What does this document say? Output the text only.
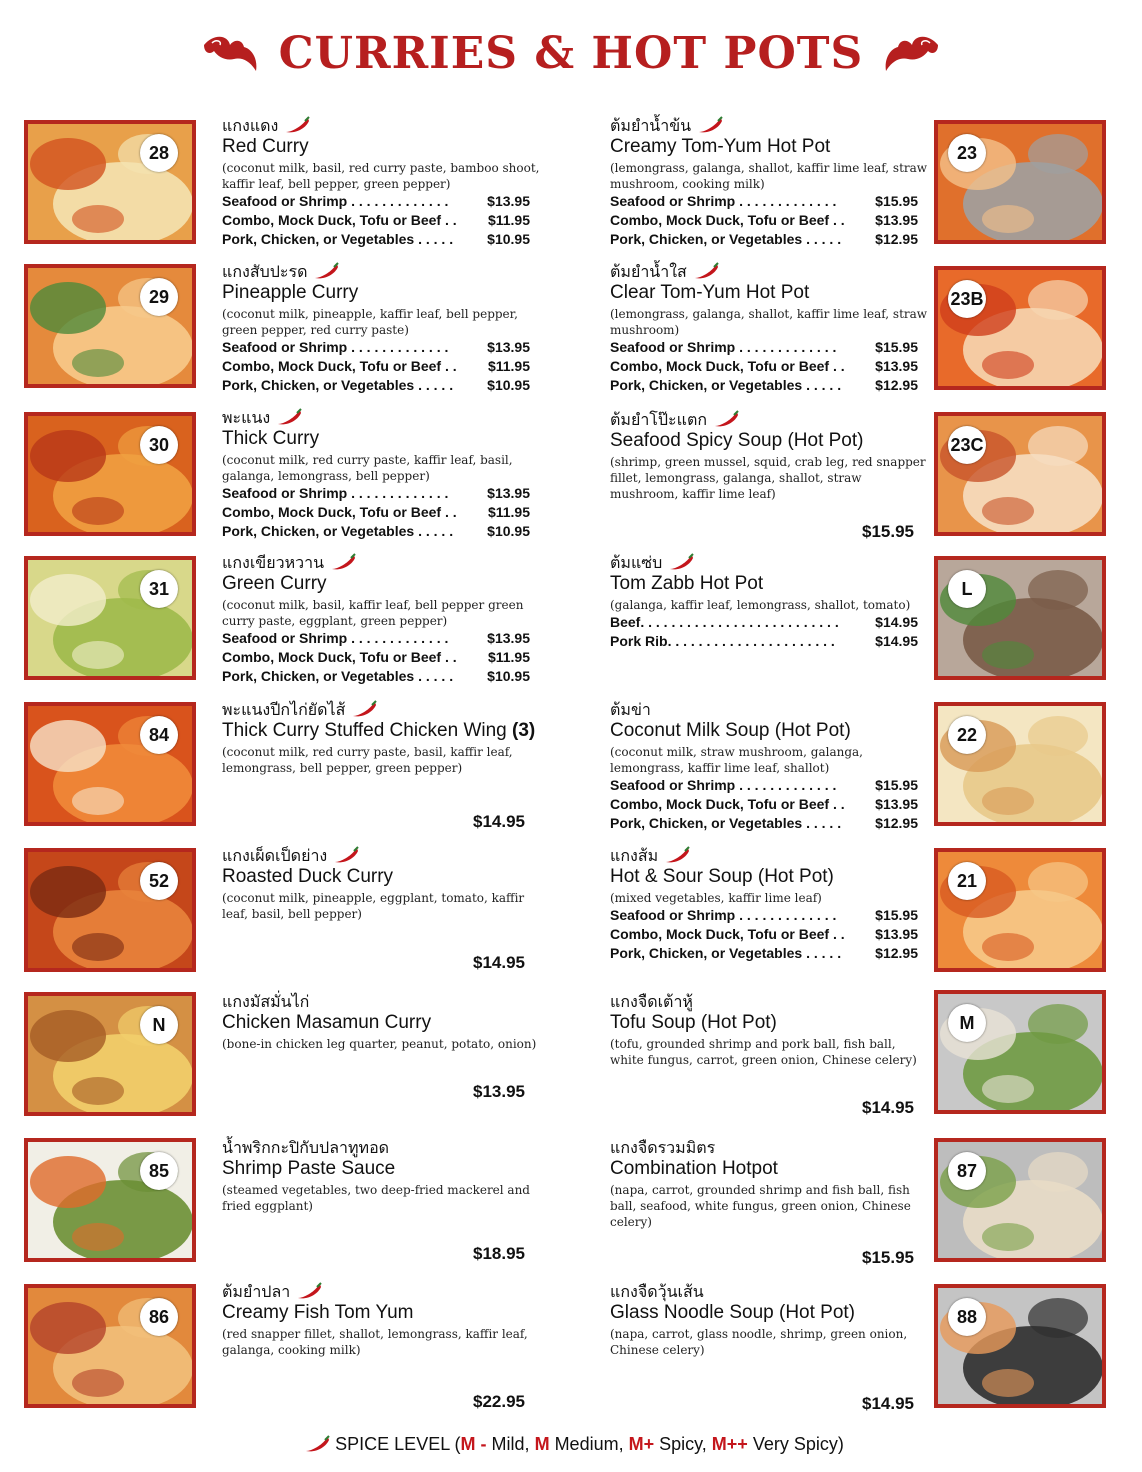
CURRIES & HOT POTS
แกงแดง
Red Curry
(coconut milk, basil, red curry paste, bamboo shoot, kaffir leaf, bell pepper, green pepper)
Seafood or Shrimp . . . . . . . . . . . . .	$13.95
Combo, Mock Duck, Tofu or Beef . . $11.95
Pork, Chicken, or Vegetables . . . . . $10.95
28
แกงสับปะรด
Pineapple Curry
(coconut milk, pineapple, kaffir leaf, bell pepper, green pepper, red curry paste)
Seafood or Shrimp . . . . . . . . . . . . .	$13.95
Combo, Mock Duck, Tofu or Beef . . $11.95
Pork, Chicken, or Vegetables . . . . . $10.95
29
พะแนง
Thick Curry
(coconut milk, red curry paste, kaffir leaf, basil, galanga, lemongrass, bell pepper)
Seafood or Shrimp . . . . . . . . . . . . .	$13.95
Combo, Mock Duck, Tofu or Beef . . $11.95
Pork, Chicken, or Vegetables . . . . . $10.95
30
แกงเขียวหวาน
Green Curry
(coconut milk, basil, kaffir leaf, bell pepper green curry paste, eggplant, green pepper)
Seafood or Shrimp . . . . . . . . . . . . .	$13.95
Combo, Mock Duck, Tofu or Beef . . $11.95
Pork, Chicken, or Vegetables . . . . . $10.95
31
พะแนงปีกไก่ยัดไส้
Thick Curry Stuffed Chicken Wing (3)
(coconut milk, red curry paste, basil, kaffir leaf, lemongrass, bell pepper, green pepper)
$14.95
84
แกงเผ็ดเป็ดย่าง
Roasted Duck Curry
(coconut milk, pineapple, eggplant, tomato, kaffir leaf, basil, bell pepper)
$14.95
52
แกงมัสมั่นไก่
Chicken Masamun Curry
(bone-in chicken leg quarter, peanut, potato, onion)
$13.95
N
น้ำพริกกะปิกับปลาทูทอด
Shrimp Paste Sauce
(steamed vegetables, two deep-fried mackerel and fried eggplant)
$18.95
85
ต้มยำปลา
Creamy Fish Tom Yum
(red snapper fillet, shallot, lemongrass, kaffir leaf, galanga, cooking milk)
$22.95
86
ต้มยำน้ำข้น
Creamy Tom-Yum Hot Pot
(lemongrass, galanga, shallot, kaffir lime leaf, straw mushroom, cooking milk)
Seafood or Shrimp . . . . . . . . . . . . .	$15.95
Combo, Mock Duck, Tofu or Beef . . $13.95
Pork, Chicken, or Vegetables . . . . . $12.95
23
ต้มยำน้ำใส
Clear Tom-Yum Hot Pot
(lemongrass, galanga, shallot, kaffir lime leaf, straw mushroom)
Seafood or Shrimp . . . . . . . . . . . . .	$15.95
Combo, Mock Duck, Tofu or Beef . . $13.95
Pork, Chicken, or Vegetables . . . . . $12.95
23B
ต้มยำโป๊ะแตก
Seafood Spicy Soup (Hot Pot)
(shrimp, green mussel, squid, crab leg, red snapper fillet, lemongrass, galanga, shallot, straw mushroom, kaffir lime leaf)
$15.95
23C
ต้มแซ่บ
Tom Zabb Hot Pot
(galanga, kaffir leaf, lemongrass, shallot, tomato)
Beef. . . . . . . . . . . . . . . . . . . . . . . . . .	$14.95
Pork Rib. . . . . . . . . . . . . . . . . . . . . .	$14.95
L
ต้มข่า
Coconut Milk Soup (Hot Pot)
(coconut milk, straw mushroom, galanga, lemongrass, kaffir lime leaf, shallot)
Seafood or Shrimp . . . . . . . . . . . . .	$15.95
Combo, Mock Duck, Tofu or Beef . . $13.95
Pork, Chicken, or Vegetables . . . . . $12.95
22
แกงส้ม
Hot & Sour Soup (Hot Pot)
(mixed vegetables, kaffir lime leaf)
Seafood or Shrimp . . . . . . . . . . . . .	$15.95
Combo, Mock Duck, Tofu or Beef . . $13.95
Pork, Chicken, or Vegetables . . . . . $12.95
21
แกงจืดเต้าหู้
Tofu Soup (Hot Pot)
(tofu, grounded shrimp and pork ball, fish ball, white fungus, carrot, green onion, Chinese celery)
$14.95
M
แกงจืดรวมมิตร
Combination Hotpot
(napa, carrot, grounded shrimp and fish ball, fish ball, seafood, white fungus, green onion, Chinese celery)
$15.95
87
แกงจืดวุ้นเส้น
Glass Noodle Soup (Hot Pot)
(napa, carrot, glass noodle, shrimp, green onion, Chinese celery)
$14.95
88
SPICE LEVEL (M - Mild, M Medium, M+ Spicy, M++ Very Spicy)
